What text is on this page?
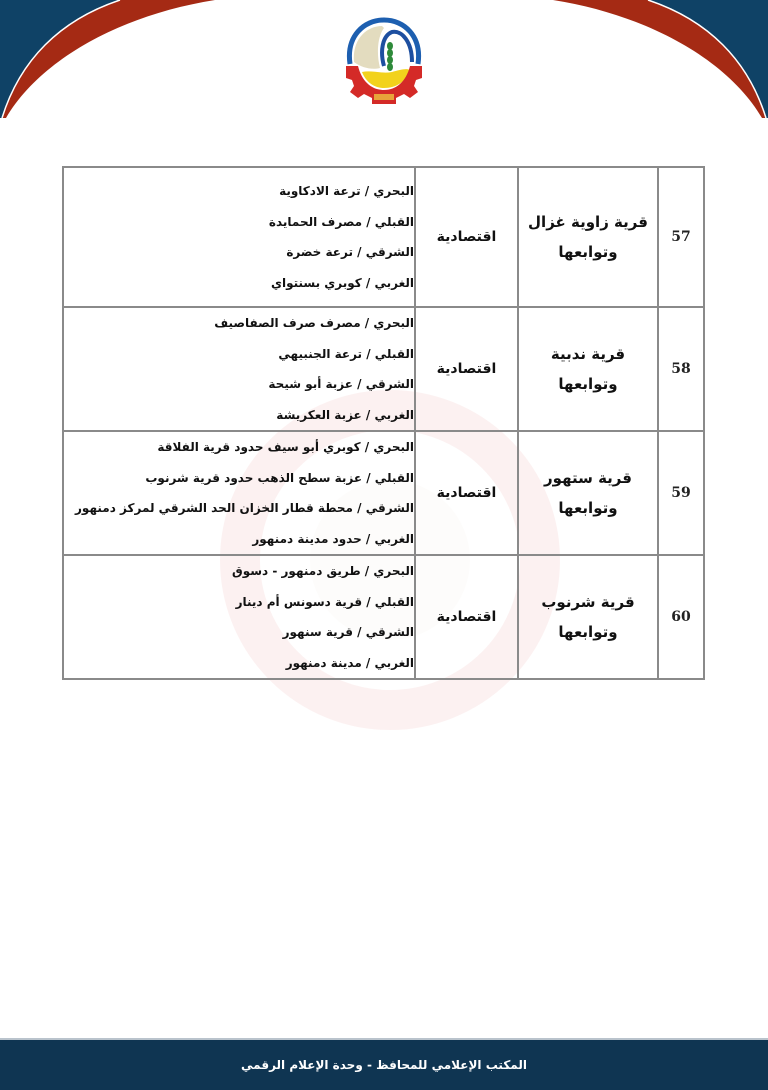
57	قرية زاوية غزال
وتوابعها	اقتصادية	البحري / ترعة الادكاوية
القبلي / مصرف الحمايدة
الشرقي / ترعة خضرة
الغربي / كوبري بسنتواي

58	قرية ندبية
وتوابعها	اقتصادية	البحري / مصرف صرف الصفاصيف
القبلي / ترعة الجنبيهي
الشرقي / عزبة أبو شيحة
الغربي / عزبة العكريشة

59	قرية ستهور
وتوابعها	اقتصادية	البحري / كوبري أبو سيف حدود قرية الفلاقة
القبلي / عزبة سطح الذهب حدود قرية شرنوب
الشرقي / محطة قطار الخزان الحد الشرقي لمركز دمنهور
الغربي / حدود مدينة دمنهور

60	قرية شرنوب
وتوابعها	اقتصادية	البحري / طريق دمنهور - دسوق
القبلي / قرية دسونس أم دينار
الشرقي / قرية سنهور
الغربي / مدينة دمنهور
المكتب الإعلامي للمحافظ - وحدة الإعلام الرقمي
